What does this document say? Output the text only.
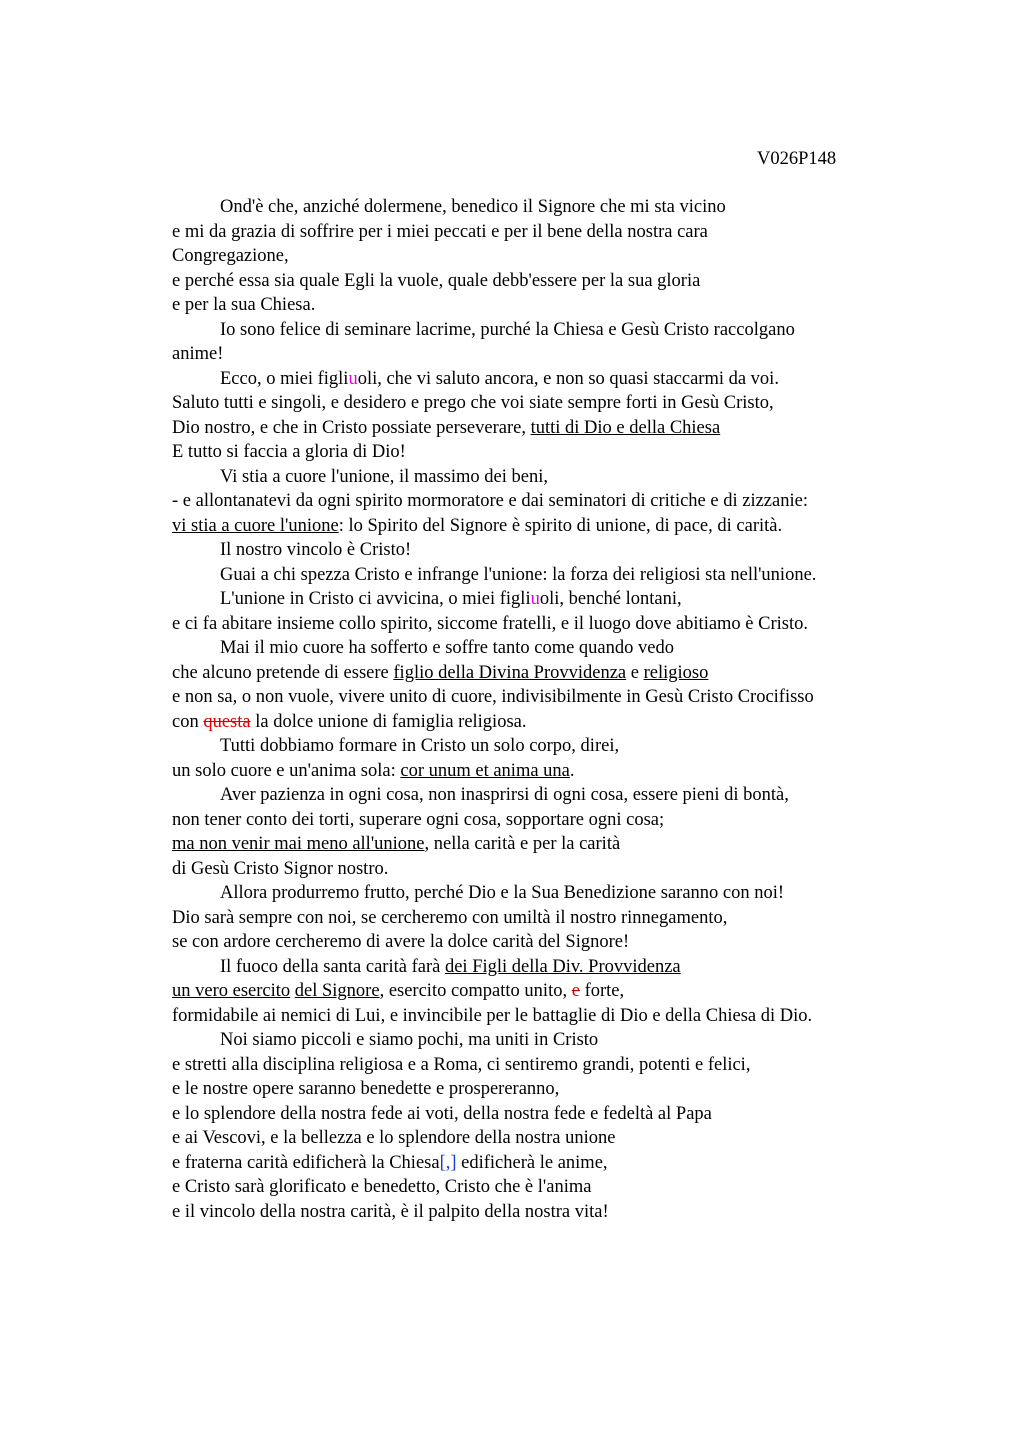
V026P148
Ond'è che, anziché dolermene, benedico il Signore che mi sta vicino
e mi da grazia di soffrire per i miei peccati e per il bene della nostra cara
Congregazione,
e perché essa sia quale Egli la vuole, quale debb'essere per la sua gloria
e per la sua Chiesa.
Io sono felice di seminare lacrime, purché la Chiesa e Gesù Cristo raccolgano
anime!
Ecco, o miei figliuoli, che vi saluto ancora, e non so quasi staccarmi da voi.
Saluto tutti e singoli, e desidero e prego che voi siate sempre forti in Gesù Cristo,
Dio nostro, e che in Cristo possiate perseverare, tutti di Dio e della Chiesa
E tutto si faccia a gloria di Dio!
Vi stia a cuore l'unione, il massimo dei beni,
- e allontanatevi da ogni spirito mormoratore e dai seminatori di critiche e di zizzanie:
vi stia a cuore l'unione: lo Spirito del Signore è spirito di unione, di pace, di carità.
Il nostro vincolo è Cristo!
Guai a chi spezza Cristo e infrange l'unione: la forza dei religiosi sta nell'unione.
L'unione in Cristo ci avvicina, o miei figliuoli, benché lontani,
e ci fa abitare insieme collo spirito, siccome fratelli, e il luogo dove abitiamo è Cristo.
Mai il mio cuore ha sofferto e soffre tanto come quando vedo
che alcuno pretende di essere figlio della Divina Provvidenza e religioso
e non sa, o non vuole, vivere unito di cuore, indivisibilmente in Gesù Cristo Crocifisso
con questa la dolce unione di famiglia religiosa.
Tutti dobbiamo formare in Cristo un solo corpo, direi,
un solo cuore e un'anima sola: cor unum et anima una.
Aver pazienza in ogni cosa, non inasprirsi di ogni cosa, essere pieni di bontà,
non tener conto dei torti, superare ogni cosa, sopportare ogni cosa;
ma non venir mai meno all'unione, nella carità e per la carità
di Gesù Cristo Signor nostro.
Allora produrremo frutto, perché Dio e la Sua Benedizione saranno con noi!
Dio sarà sempre con noi, se cercheremo con umiltà il nostro rinnegamento,
se con ardore cercheremo di avere la dolce carità del Signore!
Il fuoco della santa carità farà dei Figli della Div. Provvidenza
un vero esercito del Signore, esercito compatto unito, e forte,
formidabile ai nemici di Lui, e invincibile per le battaglie di Dio e della Chiesa di Dio.
Noi siamo piccoli e siamo pochi, ma uniti in Cristo
e stretti alla disciplina religiosa e a Roma, ci sentiremo grandi, potenti e felici,
e le nostre opere saranno benedette e prospereranno,
e lo splendore della nostra fede ai voti, della nostra fede e fedeltà al Papa
e ai Vescovi, e la bellezza e lo splendore della nostra unione
e fraterna carità edificherà la Chiesa[,] edificherà le anime,
e Cristo sarà glorificato e benedetto, Cristo che è l'anima
e il vincolo della nostra carità, è il palpito della nostra vita!
